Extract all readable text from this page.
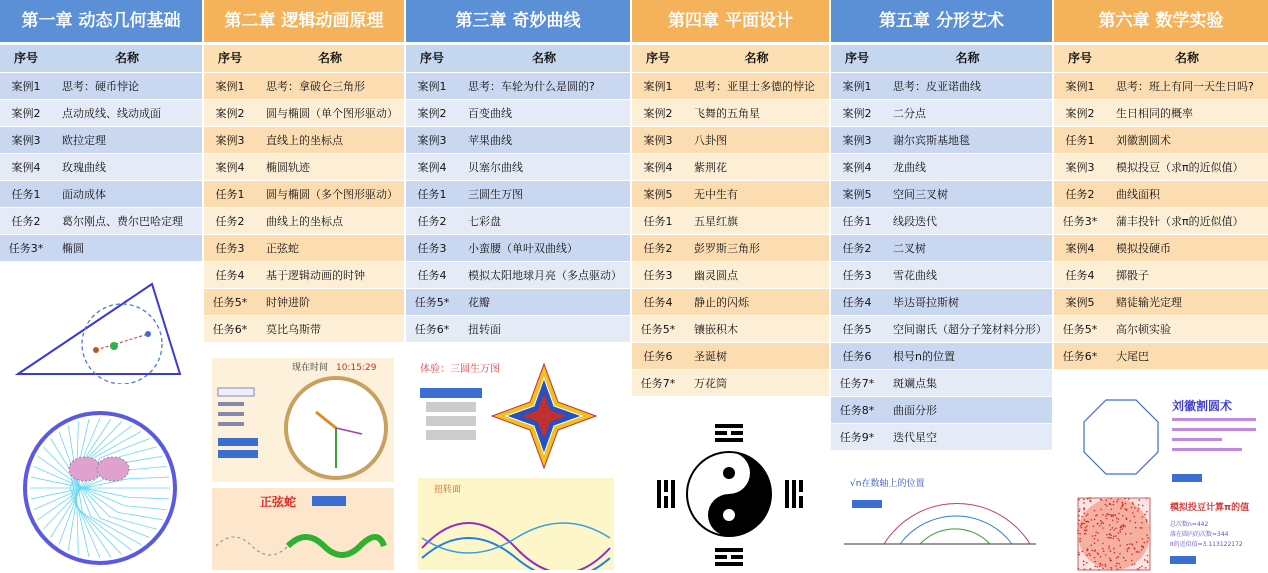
第一章 动态几何基础
序号	名称
案例1	思考：硬币悖论
案例2	点动成线、线动成面
案例3	欧拉定理
案例4	玫瑰曲线
任务1	面动成体
任务2	葛尔刚点、费尔巴哈定理
任务3*	椭圆
第二章 逻辑动画原理
序号	名称
案例1	思考：拿破仑三角形
案例2	圆与椭圆（单个图形驱动）
案例3	直线上的坐标点
案例4	椭圆轨迹
任务1	圆与椭圆（多个图形驱动）
任务2	曲线上的坐标点
任务3	正弦蛇
任务4	基于逻辑动画的时钟
任务5*	时钟进阶
任务6*	莫比乌斯带
第三章 奇妙曲线
序号	名称
案例1	思考：车轮为什么是圆的?
案例2	百变曲线
案例3	苹果曲线
案例4	贝塞尔曲线
任务1	三圆生万图
任务2	七彩盘
任务3	小蛮腰（单叶双曲线）
任务4	模拟太阳地球月亮（多点驱动）
任务5*	花瓣
任务6*	扭转面
第四章 平面设计
序号	名称
案例1	思考：亚里士多德的悖论
案例2	飞舞的五角星
案例3	八卦图
案例4	紫荆花
案例5	无中生有
任务1	五星红旗
任务2	彭罗斯三角形
任务3	幽灵圆点
任务4	静止的闪烁
任务5*	镶嵌积木
任务6	圣诞树
任务7*	万花筒
第五章 分形艺术
序号	名称
案例1	思考：皮亚诺曲线
案例2	二分点
案例3	谢尔宾斯基地毯
案例4	龙曲线
案例5	空间三叉树
任务1	线段迭代
任务2	二叉树
任务3	雪花曲线
任务4	毕达哥拉斯树
任务5	空间谢氏（超分子笼材料分形）
任务6	根号n的位置
任务7*	斑斓点集
任务8*	曲面分形
任务9*	迭代星空
第六章 数学实验
序号	名称
案例1	思考：班上有同一天生日吗?
案例2	生日相同的概率
任务1	刘徽割圆术
案例3	模拟投豆（求π的近似值）
任务2	曲线面积
任务3*	蒲丰投针（求π的近似值）
案例4	模拟投硬币
任务4	掷骰子
案例5	赌徒输光定理
任务5*	高尔顿实验
任务6*	大尾巴
现在时间 10:15:29
正弦蛇
体验：三圆生万图
扭转面
√n在数轴上的位置
刘徽割圆术
模拟投豆计算π的值
总次数n=442
落在圆内的次数=344
π的近似值=3.113122172
